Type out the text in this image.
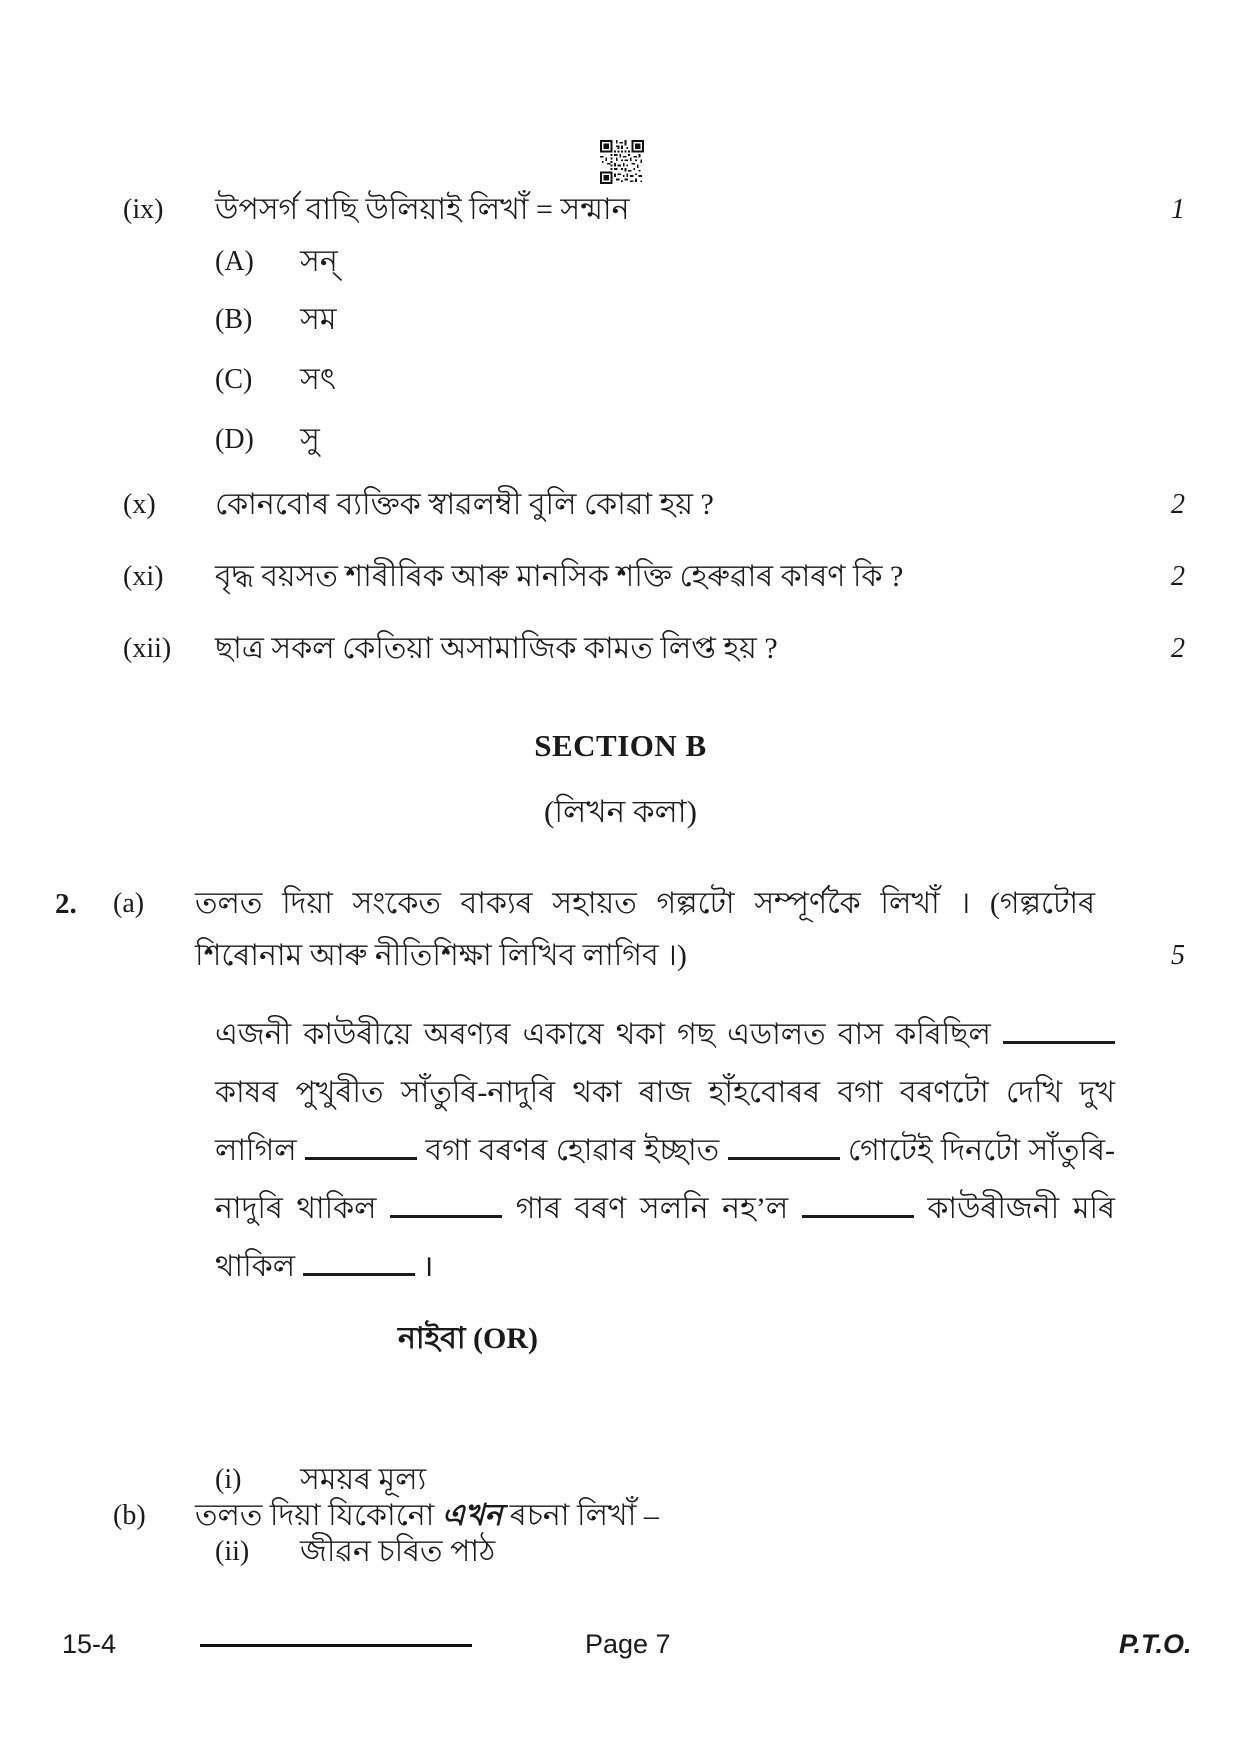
(ix)	উপসৰ্গ বাছি উলিয়াই লিখাঁ = সন্মান	1
(A)	সন্
(B)	সম
(C)	সৎ
(D)	সু
(x)	কোনবোৰ ব্যক্তিক স্বাৱলম্বী বুলি কোৱা হয় ?	2
(xi)	বৃদ্ধ বয়সত শাৰীৰিক আৰু মানসিক শক্তি হেৰুৱাৰ কাৰণ কি ?	2
(xii)	ছাত্ৰ সকল কেতিয়া অসামাজিক কামত লিপ্ত হয় ?	2
SECTION B
(লিখন কলা)
2.	(a)	তলত দিয়া সংকেত বাক্যৰ সহায়ত গল্পটো সম্পূৰ্ণকৈ লিখাঁ । (গল্পটোৰ শিৰোনাম আৰু নীতিশিক্ষা লিখিব লাগিব ।)	5

এজনী কাউৰীয়ে অৰণ্যৰ একাষে থকা গছ এডালত বাস কৰিছিল  কাষৰ পুখুৰীত সাঁতুৰি-নাদুৰি থকা ৰাজ হাঁহবোৰৰ বগা বৰণটো দেখি দুখ লাগিল	বগা বৰণৰ হোৱাৰ ইচ্ছাত	গোটেই দিনটো সাঁতুৰি-নাদুৰি থাকিল	গাৰ বৰণ সলনি নহ’ল	কাউৰীজনী মৰি থাকিল	।

নাইবা (OR)
(b)	তলত দিয়া যিকোনো এখন ৰচনা লিখাঁ –
(i)	সময়ৰ মূল্য
(ii)	জীৱন চৰিত পাঠ
15-4	Page 7	P.T.O.
